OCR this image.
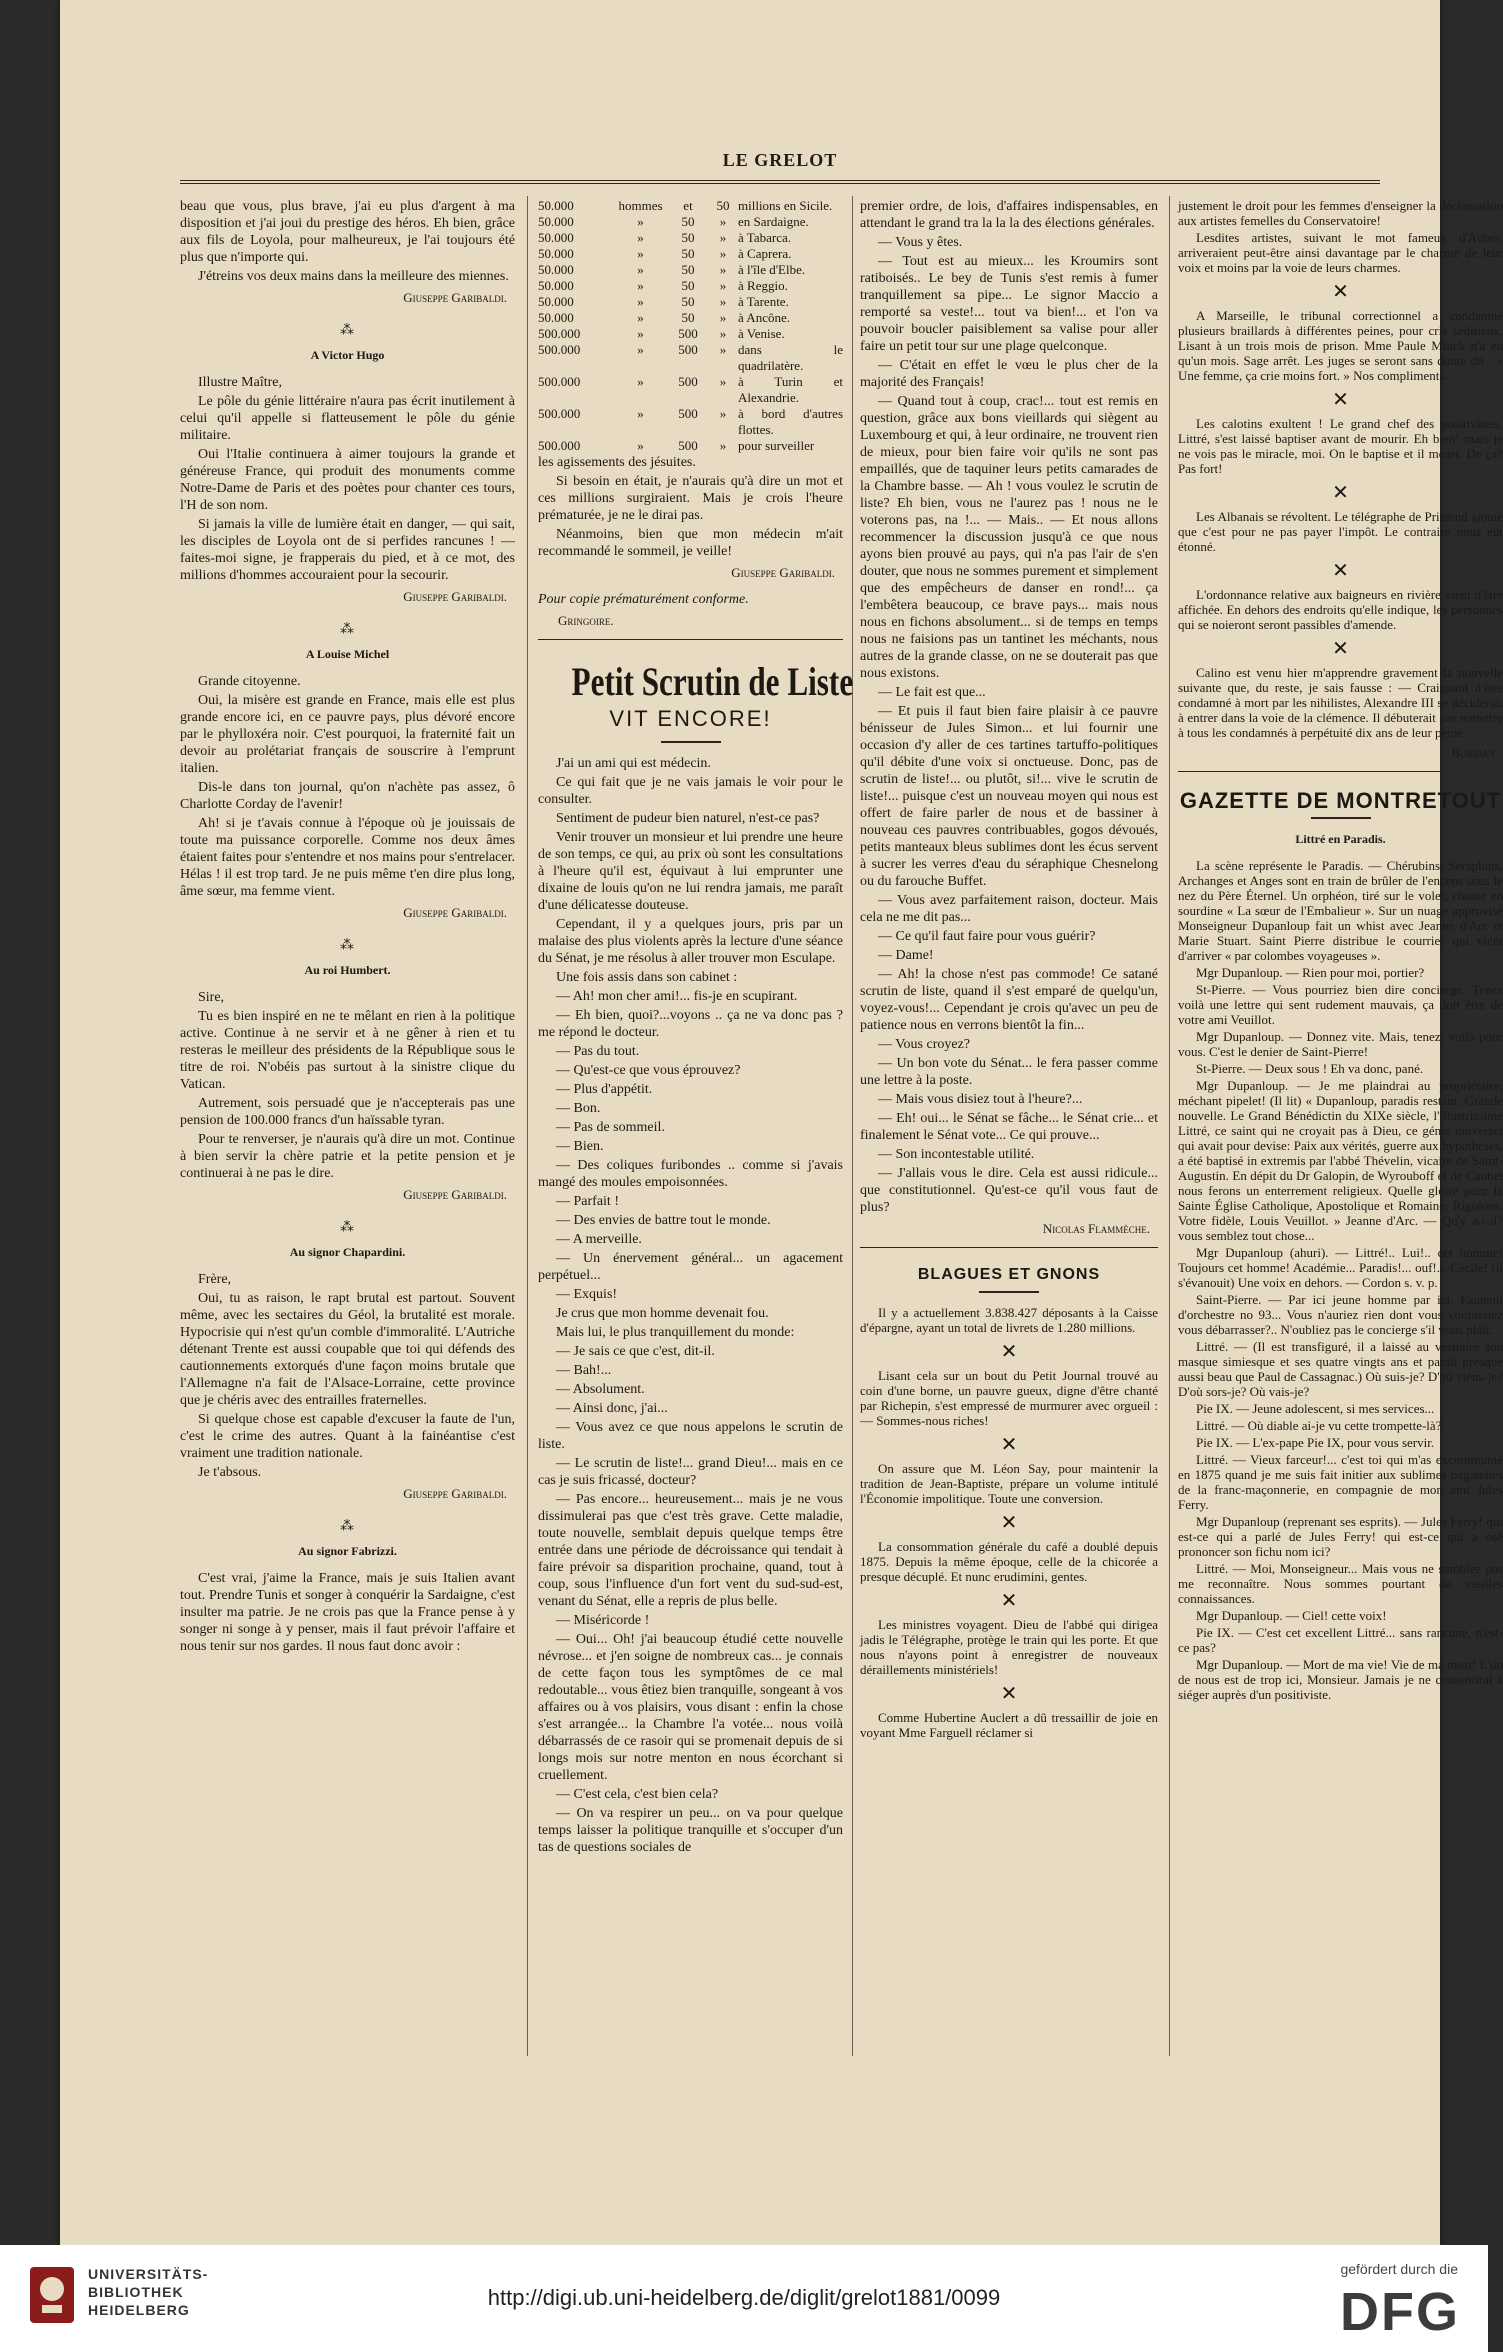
LE GRELOT

beau que vous, plus brave, j'ai eu plus d'argent à ma disposition et j'ai joui du prestige des héros. Eh bien, grâce aux fils de Loyola, pour malheureux, je l'ai toujours été plus que n'importe qui.

J'étreins vos deux mains dans la meilleure des miennes.

Giuseppe Garibaldi.
⁂
A Victor Hugo

Illustre Maître,

Le pôle du génie littéraire n'aura pas écrit inutilement à celui qu'il appelle si flatteusement le pôle du génie militaire.

Oui l'Italie continuera à aimer toujours la grande et généreuse France, qui produit des monuments comme Notre-Dame de Paris et des poètes pour chanter ces tours, l'H de son nom.

Si jamais la ville de lumière était en danger, — qui sait, les disciples de Loyola ont de si perfides rancunes ! — faites-moi signe, je frapperais du pied, et à ce mot, des millions d'hommes accouraient pour la secourir.

Giuseppe Garibaldi.
⁂
A Louise Michel

Grande citoyenne.

Oui, la misère est grande en France, mais elle est plus grande encore ici, en ce pauvre pays, plus dévoré encore par le phylloxéra noir. C'est pourquoi, la fraternité fait un devoir au prolétariat français de souscrire à l'emprunt italien.

Dis-le dans ton journal, qu'on n'achète pas assez, ô Charlotte Corday de l'avenir!

Ah! si je t'avais connue à l'époque où je jouissais de toute ma puissance corporelle. Comme nos deux âmes étaient faites pour s'entendre et nos mains pour s'entrelacer. Hélas ! il est trop tard. Je ne puis même t'en dire plus long, âme sœur, ma femme vient.

Giuseppe Garibaldi.
⁂
Au roi Humbert.

Sire,

Tu es bien inspiré en ne te mêlant en rien à la politique active. Continue à ne servir et à ne gêner à rien et tu resteras le meilleur des présidents de la République sous le titre de roi. N'obéis pas surtout à la sinistre clique du Vatican.

Autrement, sois persuadé que je n'accepterais pas une pension de 100.000 francs d'un haïssable tyran.

Pour te renverser, je n'aurais qu'à dire un mot. Continue à bien servir la chère patrie et la petite pension et je continuerai à ne pas le dire.

Giuseppe Garibaldi.
⁂
Au signor Chapardini.

Frère,

Oui, tu as raison, le rapt brutal est partout. Souvent même, avec les sectaires du Géol, la brutalité est morale. Hypocrisie qui n'est qu'un comble d'immoralité. L'Autriche détenant Trente est aussi coupable que toi qui défends des cautionnements extorqués d'une façon moins brutale que l'Allemagne n'a fait de l'Alsace-Lorraine, cette province que je chéris avec des entrailles fraternelles.

Si quelque chose est capable d'excuser la faute de l'un, c'est le crime des autres. Quant à la fainéantise c'est vraiment une tradition nationale.

Je t'absous.

Giuseppe Garibaldi.
⁂
Au signor Fabrizzi.

C'est vrai, j'aime la France, mais je suis Italien avant tout. Prendre Tunis et songer à conquérir la Sardaigne, c'est insulter ma patrie. Je ne crois pas que la France pense à y songer ni songe à y penser, mais il faut prévoir l'affaire et nous tenir sur nos gardes. Il nous faut donc avoir :

50.000	hommes	et	50 millions en Sicile.
50.000	»	50	» en Sardaigne.
50.000	»	50	» à Tabarca.
50.000	»	50	» à Caprera.
50.000	»	50	» à l'île d'Elbe.
50.000	»	50	» à Reggio.
50.000	»	50	» à Tarente.
50.000	»	50	» à Ancône.
500.000	»	500	» à Venise.
500.000	»	500	» dans le quadrilatère.
500.000	»	500	» à Turin et Alexandrie.
500.000	»	500	» à bord d'autres flottes.
500.000	»	500	» pour surveiller

les agissements des jésuites.

Si besoin en était, je n'aurais qu'à dire un mot et ces millions surgiraient. Mais je crois l'heure prématurée, je ne le dirai pas.

Néanmoins, bien que mon médecin m'ait recommandé le sommeil, je veille!

Giuseppe Garibaldi.

Pour copie prématurément conforme.

Gringoire.
Petit Scrutin de Liste
VIT ENCORE!

J'ai un ami qui est médecin.

Ce qui fait que je ne vais jamais le voir pour le consulter.

Sentiment de pudeur bien naturel, n'est-ce pas?

Venir trouver un monsieur et lui prendre une heure de son temps, ce qui, au prix où sont les consultations à l'heure qu'il est, équivaut à lui emprunter une dixaine de louis qu'on ne lui rendra jamais, me paraît d'une délicatesse douteuse.

Cependant, il y a quelques jours, pris par un malaise des plus violents après la lecture d'une séance du Sénat, je me résolus à aller trouver mon Esculape.

Une fois assis dans son cabinet :

— Ah! mon cher ami!... fis-je en scupirant.

— Eh bien, quoi?...voyons .. ça ne va donc pas ? me répond le docteur.

— Pas du tout.

— Qu'est-ce que vous éprouvez?

— Plus d'appétit.

— Bon.

— Pas de sommeil.

— Bien.

— Des coliques furibondes .. comme si j'avais mangé des moules empoisonnées.

— Parfait !

— Des envies de battre tout le monde.

— A merveille.

— Un énervement général... un agacement perpétuel...

— Exquis!

Je crus que mon homme devenait fou.

Mais lui, le plus tranquillement du monde:

— Je sais ce que c'est, dit-il.

— Bah!...

— Absolument.

— Ainsi donc, j'ai...

— Vous avez ce que nous appelons le scrutin de liste.

— Le scrutin de liste!... grand Dieu!... mais en ce cas je suis fricassé, docteur?

— Pas encore... heureusement... mais je ne vous dissimulerai pas que c'est très grave. Cette maladie, toute nouvelle, semblait depuis quelque temps être entrée dans une période de décroissance qui tendait à faire prévoir sa disparition prochaine, quand, tout à coup, sous l'influence d'un fort vent du sud-sud-est, venant du Sénat, elle a repris de plus belle.

— Miséricorde !

— Oui... Oh! j'ai beaucoup étudié cette nouvelle névrose... et j'en soigne de nombreux cas... je connais de cette façon tous les symptômes de ce mal redoutable... vous êtiez bien tranquille, songeant à vos affaires ou à vos plaisirs, vous disant : enfin la chose s'est arrangée... la Chambre l'a votée... nous voilà débarrassés de ce rasoir qui se promenait depuis de si longs mois sur notre menton en nous écorchant si cruellement.

— C'est cela, c'est bien cela?

— On va respirer un peu... on va pour quelque temps laisser la politique tranquille et s'occuper d'un tas de questions sociales de

premier ordre, de lois, d'affaires indispensables, en attendant le grand tra la la la des élections générales.

— Vous y êtes.

— Tout est au mieux... les Kroumirs sont ratiboisés.. Le bey de Tunis s'est remis à fumer tranquillement sa pipe... Le signor Maccio a remporté sa veste!... tout va bien!... et l'on va pouvoir boucler paisiblement sa valise pour aller faire un petit tour sur une plage quelconque.

— C'était en effet le vœu le plus cher de la majorité des Français!

— Quand tout à coup, crac!... tout est remis en question, grâce aux bons vieillards qui siègent au Luxembourg et qui, à leur ordinaire, ne trouvent rien de mieux, pour bien faire voir qu'ils ne sont pas empaillés, que de taquiner leurs petits camarades de la Chambre basse. — Ah ! vous voulez le scrutin de liste? Eh bien, vous ne l'aurez pas ! nous ne le voterons pas, na !... — Mais.. — Et nous allons recommencer la discussion jusqu'à ce que nous ayons bien prouvé au pays, qui n'a pas l'air de s'en douter, que nous ne sommes purement et simplement que des empêcheurs de danser en rond!... ça l'embêtera beaucoup, ce brave pays... mais nous nous en fichons absolument... si de temps en temps nous ne faisions pas un tantinet les méchants, nous autres de la grande classe, on ne se douterait pas que nous existons.

— Le fait est que...

— Et puis il faut bien faire plaisir à ce pauvre bénisseur de Jules Simon... et lui fournir une occasion d'y aller de ces tartines tartuffo-politiques qu'il débite d'une voix si onctueuse. Donc, pas de scrutin de liste!... ou plutôt, si!... vive le scrutin de liste!... puisque c'est un nouveau moyen qui nous est offert de faire parler de nous et de bassiner à nouveau ces pauvres contribuables, gogos dévoués, petits manteaux bleus sublimes dont les écus servent à sucrer les verres d'eau du séraphique Chesnelong ou du farouche Buffet.

— Vous avez parfaitement raison, docteur. Mais cela ne me dit pas...

— Ce qu'il faut faire pour vous guérir?

— Dame!

— Ah! la chose n'est pas commode! Ce satané scrutin de liste, quand il s'est emparé de quelqu'un, voyez-vous!... Cependant je crois qu'avec un peu de patience nous en verrons bientôt la fin...

— Vous croyez?

— Un bon vote du Sénat... le fera passer comme une lettre à la poste.

— Mais vous disiez tout à l'heure?...

— Eh! oui... le Sénat se fâche... le Sénat crie... et finalement le Sénat vote... Ce qui prouve...

— Son incontestable utilité.

— J'allais vous le dire. Cela est aussi ridicule... que constitutionnel. Qu'est-ce qu'il vous faut de plus?

Nicolas Flammèche.
BLAGUES ET GNONS

Il y a actuellement 3.838.427 déposants à la Caisse d'épargne, ayant un total de livrets de 1.280 millions.

✕

Lisant cela sur un bout du Petit Journal trouvé au coin d'une borne, un pauvre gueux, digne d'être chanté par Richepin, s'est empressé de murmurer avec orgueil : — Sommes-nous riches!

✕

On assure que M. Léon Say, pour maintenir la tradition de Jean-Baptiste, prépare un volume intitulé l'Économie impolitique. Toute une conversion.

✕

La consommation générale du café a doublé depuis 1875. Depuis la même époque, celle de la chicorée a presque décuplé. Et nunc erudimini, gentes.

✕

Les ministres voyagent. Dieu de l'abbé qui dirigea jadis le Télégraphe, protège le train qui les porte. Et que nous n'ayons point à enregistrer de nouveaux déraillements ministériels!

✕

Comme Hubertine Auclert a dû tressaillir de joie en voyant Mme Farguell réclamer si

justement le droit pour les femmes d'enseigner la déclamation aux artistes femelles du Conservatoire!

Lesdites artistes, suivant le mot fameux d'Auber, arriveraient peut-être ainsi davantage par le charme de leur voix et moins par la voie de leurs charmes.

✕

A Marseille, le tribunal correctionnel a condamné plusieurs braillards à différentes peines, pour cris séditieux. Lisant à un trois mois de prison. Mme Paule Minck n'a eu qu'un mois. Sage arrêt. Les juges se seront sans doute dit : « Une femme, ça crie moins fort. » Nos compliments.

✕

Les calotins exultent ! Le grand chef des positivistes, Littré, s'est laissé baptiser avant de mourir. Eh bien! mais je ne vois pas le miracle, moi. On le baptise et il meurt. De ça? Pas fort!

✕

Les Albanais se révoltent. Le télégraphe de Prisrend ajoute que c'est pour ne pas payer l'impôt. Le contraire nous eût étonné.

✕

L'ordonnance relative aux baigneurs en rivière vient d'être affichée. En dehors des endroits qu'elle indique, les personnes qui se noieront seront passibles d'amende.

✕

Calino est venu hier m'apprendre gravement la nouvelle suivante que, du reste, je sais fausse : — Craignant d'être condamné à mort par les nihilistes, Alexandre III se déciderait à entrer dans la voie de la clémence. Il débuterait par remettre à tous les condamnés à perpétuité dix ans de leur peine.

Buridan
GAZETTE DE MONTRETOUT
Littré en Paradis.

La scène représente le Paradis. — Chérubins, Séraphins, Archanges et Anges sont en train de brûler de l'encens sous le nez du Père Éternel. Un orphéon, tiré sur le volet, chante en sourdine « La sœur de l'Embalieur ». Sur un nuage approvisé Monseigneur Dupanloup fait un whist avec Jeanne d'Arc et Marie Stuart. Saint Pierre distribue le courrier qui vient d'arriver « par colombes voyageuses ».

Mgr Dupanloup. — Rien pour moi, portier?

St-Pierre. — Vous pourriez bien dire concierge. Tenez voilà une lettre qui sent rudement mauvais, ça doit être de votre ami Veuillot.

Mgr Dupanloup. — Donnez vite. Mais, tenez, voilà pour vous. C'est le denier de Saint-Pierre!

St-Pierre. — Deux sous ! Eh va donc, pané.

Mgr Dupanloup. — Je me plaindrai au propriétaire, méchant pipelet! (Il lit) « Dupanloup, paradis restant. Grande nouvelle. Le Grand Bénédictin du XIXe siècle, l'illustrissime Littré, ce saint qui ne croyait pas à Dieu, ce génie universel qui avait pour devise: Paix aux vérités, guerre aux hypothèses, a été baptisé in extremis par l'abbé Thévelin, vicaire de Saint-Augustin. En dépit du Dr Galopin, de Wyrouboff et de Caubet nous ferons un enterrement religieux. Quelle gloire pour la Sainte Église Catholique, Apostolique et Romaine. Rigolons. Votre fidèle, Louis Veuillot. » Jeanne d'Arc. — Qu'y a-t-il? vous semblez tout chose...

Mgr Dupanloup (ahuri). — Littré!.. Lui!.. cet homme! Toujours cet homme! Académie... Paradis!... ouf!... Cécile! (il s'évanouit) Une voix en dehors. — Cordon s. v. p.

Saint-Pierre. — Par ici jeune homme par ici. Fauteuil d'orchestre no 93... Vous n'auriez rien dont vous voulussiez vous débarrasser?.. N'oubliez pas le concierge s'il vous plaît.

Littré. — (Il est transfiguré, il a laissé au vestiaire son masque simiesque et ses quatre vingts ans et paraît presque aussi beau que Paul de Cassagnac.) Où suis-je? D'où viens-je? D'où sors-je? Où vais-je?

Pie IX. — Jeune adolescent, si mes services...

Littré. — Où diable ai-je vu cette trompette-là?

Pie IX. — L'ex-pape Pie IX, pour vous servir.

Littré. — Vieux farceur!... c'est toi qui m'as excommunié en 1875 quand je me suis fait initier aux sublimes bagatelles de la franc-maçonnerie, en compagnie de mon ami Jules Ferry.

Mgr Dupanloup (reprenant ses esprits). — Jules Ferry! qui est-ce qui a parlé de Jules Ferry! qui est-ce qui a osé prononcer son fichu nom ici?

Littré. — Moi, Monseigneur... Mais vous ne semblez pas me reconnaître. Nous sommes pourtant de vieilles connaissances.

Mgr Dupanloup. — Ciel! cette voix!

Pie IX. — C'est cet excellent Littré... sans rancune, n'est-ce pas?

Mgr Dupanloup. — Mort de ma vie! Vie de ma mort! L'un de nous est de trop ici, Monsieur. Jamais je ne consentirai à siéger auprès d'un positiviste.

UNIVERSITÄTS-
BIBLIOTHEK
HEIDELBERG	http://digi.ub.uni-heidelberg.de/diglit/grelot1881/0099
gefördert durch die
DFG
